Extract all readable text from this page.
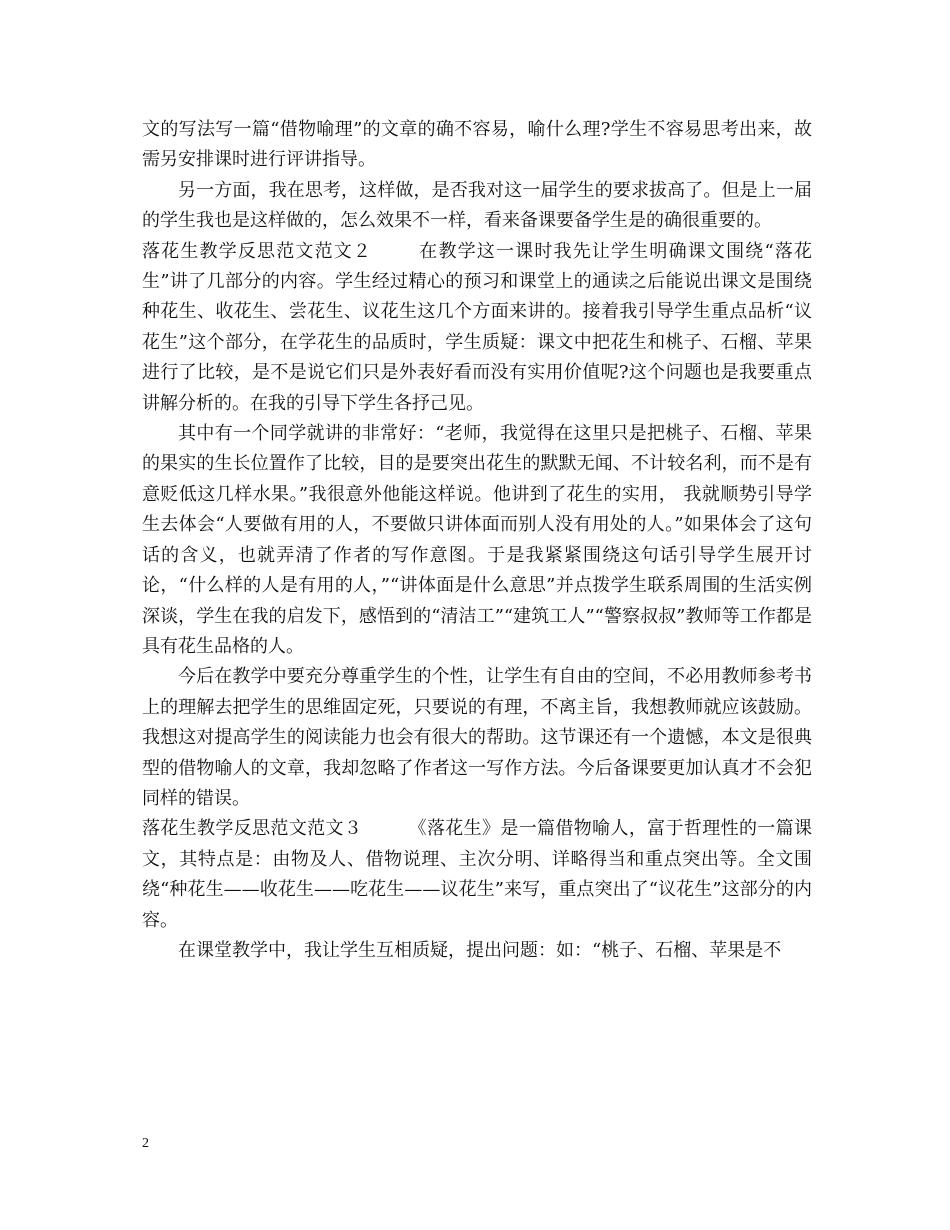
文的写法写一篇“借物喻理”的文章的确不容易，喻什么理?学生不容易思考出来，故需另安排课时进行评讲指导。

另一方面，我在思考，这样做，是否我对这一届学生的要求拔高了。但是上一届的学生我也是这样做的，怎么效果不一样，看来备课要备学生是的确很重要的。

落花生教学反思范文范文２	在教学这一课时我先让学生明确课文围绕“落花生”讲了几部分的内容。学生经过精心的预习和课堂上的通读之后能说出课文是围绕种花生、收花生、尝花生、议花生这几个方面来讲的。接着我引导学生重点品析“议花生”这个部分，在学花生的品质时，学生质疑：课文中把花生和桃子、石榴、苹果进行了比较，是不是说它们只是外表好看而没有实用价值呢?这个问题也是我要重点讲解分析的。在我的引导下学生各抒己见。

其中有一个同学就讲的非常好：“老师，我觉得在这里只是把桃子、石榴、苹果的果实的生长位置作了比较，目的是要突出花生的默默无闻、不计较名利，而不是有意贬低这几样水果。”我很意外他能这样说。他讲到了花生的实用， 我就顺势引导学生去体会“人要做有用的人，不要做只讲体面而别人没有用处的人。”如果体会了这句话的含义，也就弄清了作者的写作意图。于是我紧紧围绕这句话引导学生展开讨论，“什么样的人是有用的人，”“讲体面是什么意思”并点拨学生联系周围的生活实例深谈，学生在我的启发下，感悟到的“清洁工”“建筑工人”“警察叔叔”教师等工作都是具有花生品格的人。

今后在教学中要充分尊重学生的个性，让学生有自由的空间，不必用教师参考书上的理解去把学生的思维固定死，只要说的有理，不离主旨，我想教师就应该鼓励。我想这对提高学生的阅读能力也会有很大的帮助。这节课还有一个遗憾，本文是很典型的借物喻人的文章，我却忽略了作者这一写作方法。今后备课要更加认真才不会犯同样的错误。

落花生教学反思范文范文３	《落花生》是一篇借物喻人，富于哲理性的一篇课文，其特点是：由物及人、借物说理、主次分明、详略得当和重点突出等。全文围绕“种花生——收花生——吃花生——议花生”来写，重点突出了“议花生”这部分的内容。

在课堂教学中，我让学生互相质疑，提出问题：如：“桃子、石榴、苹果是不

2
